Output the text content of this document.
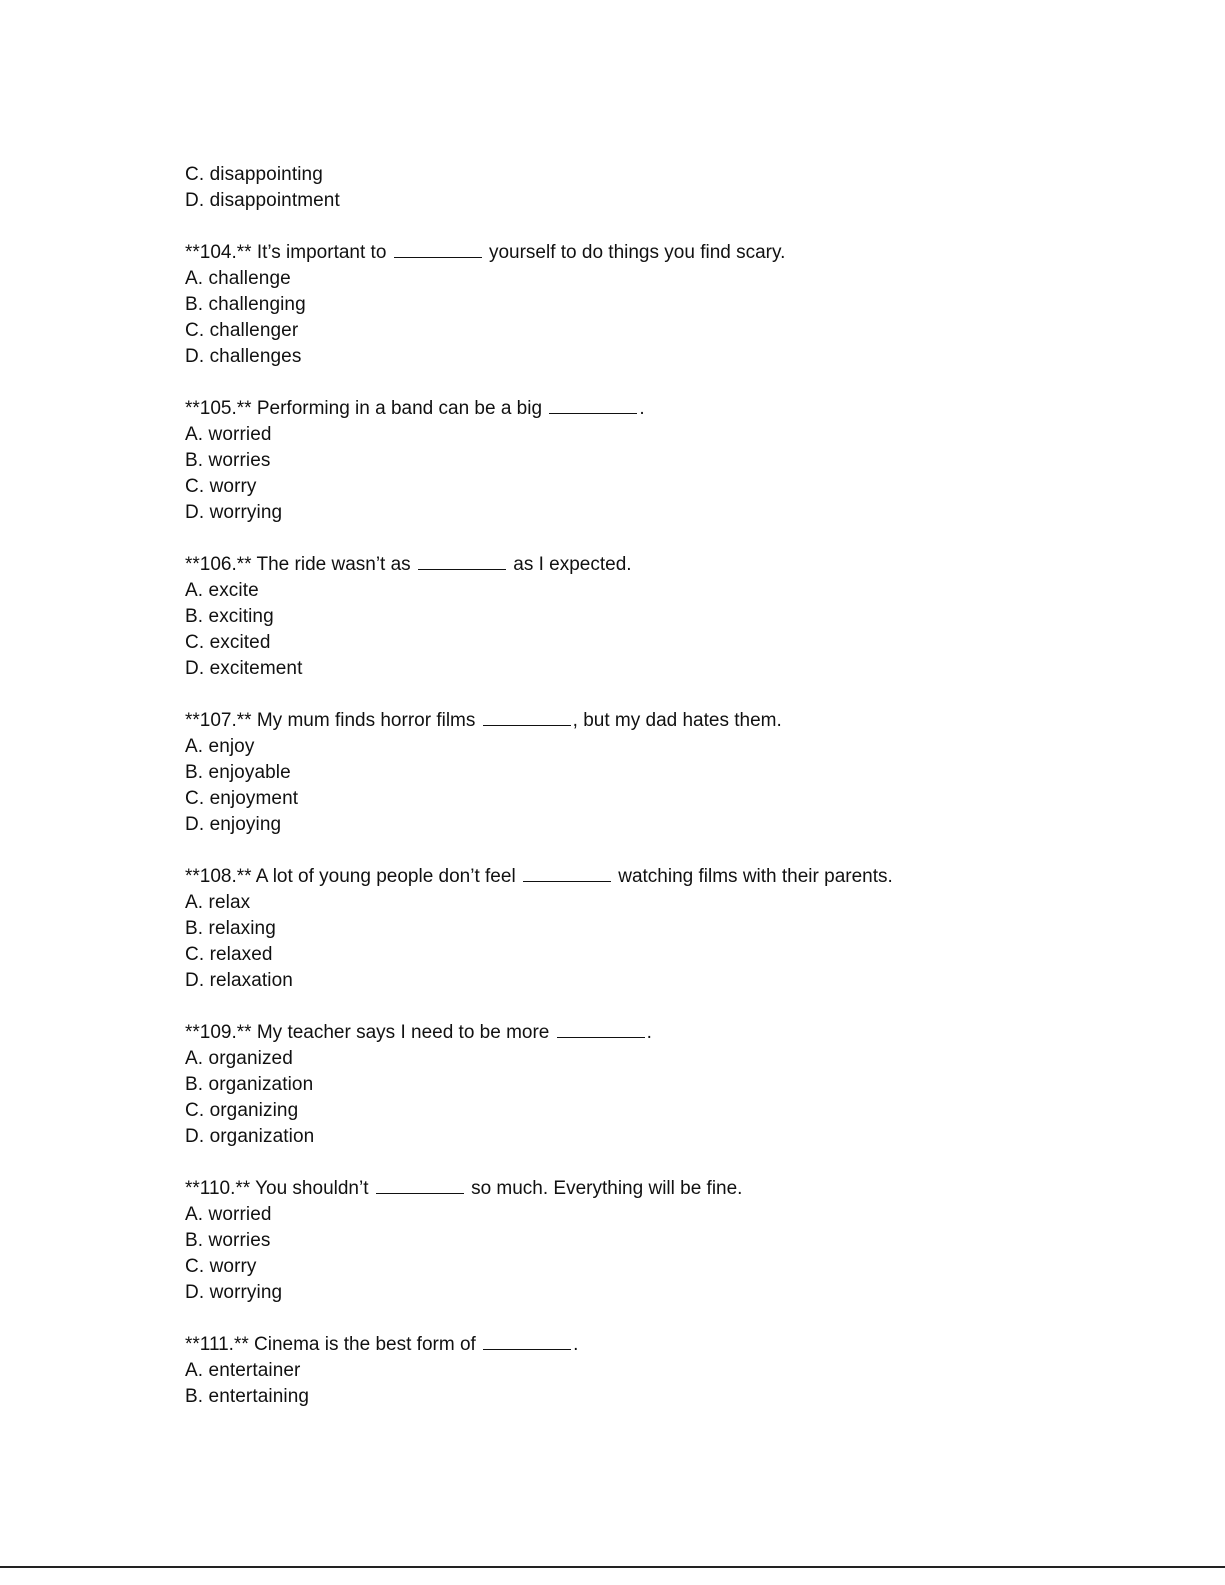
C. disappointing
D. disappointment
**104.** It’s important to	yourself to do things you find scary.
A. challenge
B. challenging
C. challenger
D. challenges
**105.** Performing in a band can be a big	.
A. worried
B. worries
C. worry
D. worrying
**106.** The ride wasn’t as	as I expected.
A. excite
B. exciting
C. excited
D. excitement
**107.** My mum finds horror films	, but my dad hates them.
A. enjoy
B. enjoyable
C. enjoyment
D. enjoying
**108.** A lot of young people don’t feel	watching films with their parents.
A. relax
B. relaxing
C. relaxed
D. relaxation
**109.** My teacher says I need to be more	.
A. organized
B. organization
C. organizing
D. organization
**110.** You shouldn’t	so much. Everything will be fine.
A. worried
B. worries
C. worry
D. worrying
**111.** Cinema is the best form of	.
A. entertainer
B. entertaining
